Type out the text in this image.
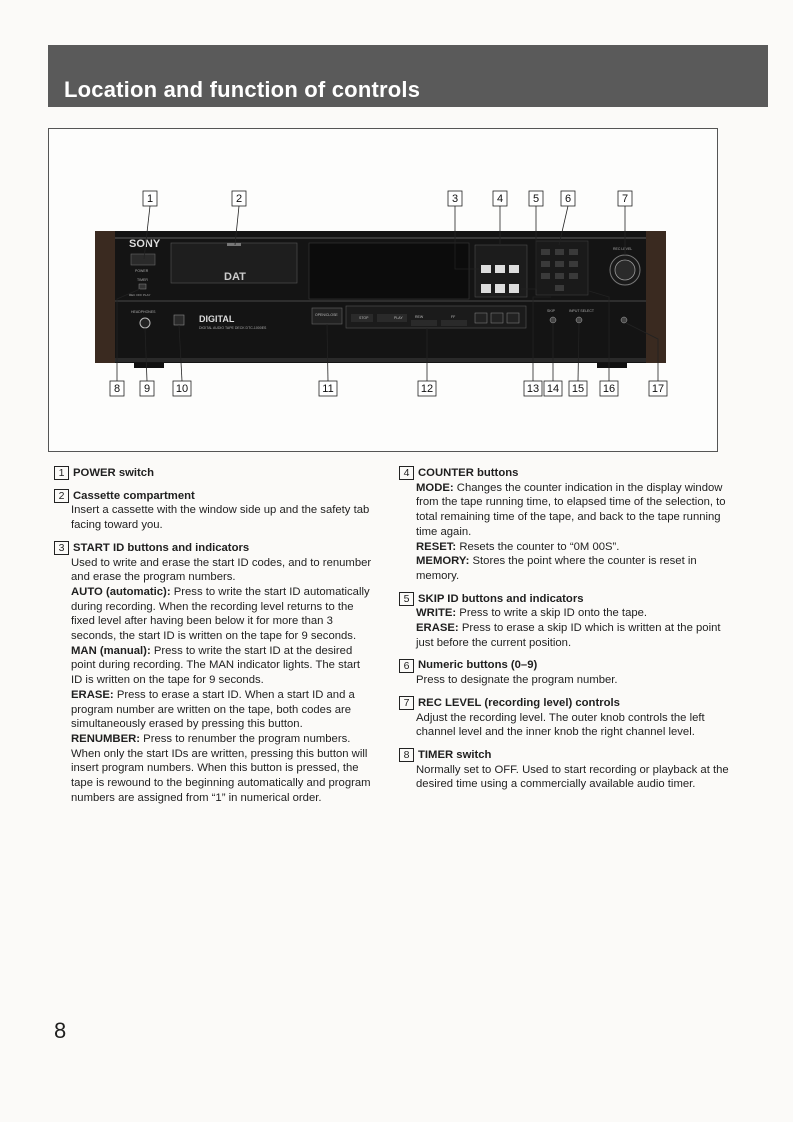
Location and function of controls
SONY
POWER
TIMER
REC OFF PLAY
DAT
REC LEVEL
HEADPHONES
DIGITAL
DIGITAL AUDIO TAPE DECK DTC-1000ES
OPEN/CLOSE
STOP	PLAY	REW	FF
SKIP	INPUT SELECT
1	2	3	4	5 6	7
8 9 10	11	12	13 14 15 16	17
1 POWER switch
2 Cassette compartment
Insert a cassette with the window side up and the safety tab facing toward you.
3 START ID buttons and indicators
Used to write and erase the start ID codes, and to renumber and erase the program numbers.
AUTO (automatic): Press to write the start ID automatically during recording. When the recording level returns to the fixed level after having been below it for more than 3 seconds, the start ID is written on the tape for 9 seconds.
MAN (manual): Press to write the start ID at the desired point during recording. The MAN indicator lights. The start ID is written on the tape for 9 seconds.
ERASE: Press to erase a start ID. When a start ID and a program number are written on the tape, both codes are simultaneously erased by pressing this button.
RENUMBER: Press to renumber the program numbers. When only the start IDs are written, pressing this button will insert program numbers. When this button is pressed, the tape is rewound to the beginning automatically and program numbers are assigned from “1” in numerical order.
4 COUNTER buttons
MODE: Changes the counter indication in the display window from the tape running time, to elapsed time of the selection, to total remaining time of the tape, and back to the tape running time again.
RESET: Resets the counter to “0M 00S”.
MEMORY: Stores the point where the counter is reset in memory.
5 SKIP ID buttons and indicators
WRITE: Press to write a skip ID onto the tape.
ERASE: Press to erase a skip ID which is written at the point just before the current position.
6 Numeric buttons (0–9)
Press to designate the program number.
7 REC LEVEL (recording level) controls
Adjust the recording level. The outer knob controls the left channel level and the inner knob the right channel level.
8 TIMER switch
Normally set to OFF. Used to start recording or playback at the desired time using a commercially available audio timer.
8
